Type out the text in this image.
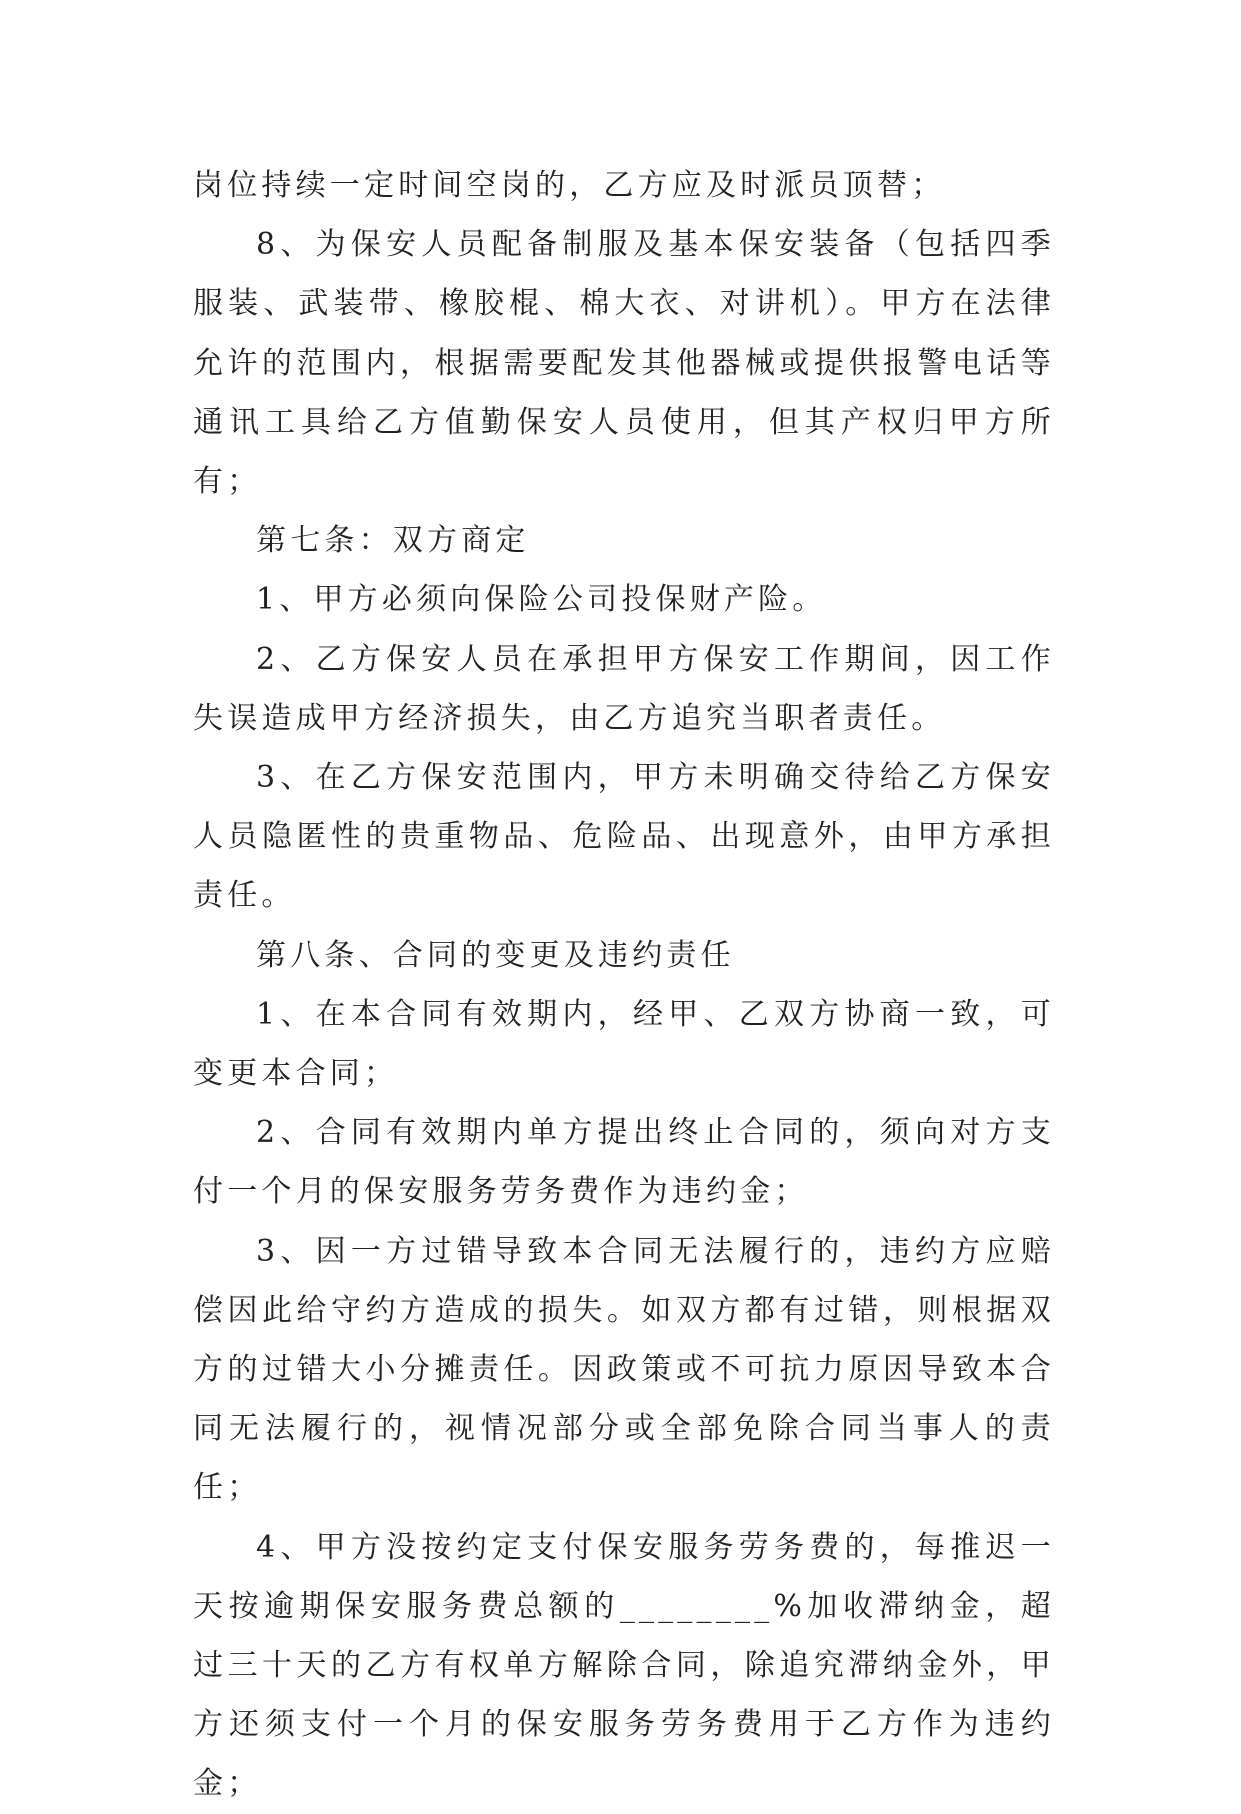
岗位持续一定时间空岗的，乙方应及时派员顶替；

8、为保安人员配备制服及基本保安装备（包括四季服装、武装带、橡胶棍、棉大衣、对讲机）。甲方在法律允许的范围内，根据需要配发其他器械或提供报警电话等通讯工具给乙方值勤保安人员使用，但其产权归甲方所有；

第七条：双方商定

1、甲方必须向保险公司投保财产险。

2、乙方保安人员在承担甲方保安工作期间，因工作失误造成甲方经济损失，由乙方追究当职者责任。

3、在乙方保安范围内，甲方未明确交待给乙方保安人员隐匿性的贵重物品、危险品、出现意外，由甲方承担责任。

第八条、合同的变更及违约责任

1、在本合同有效期内，经甲、乙双方协商一致，可变更本合同；

2、合同有效期内单方提出终止合同的，须向对方支付一个月的保安服务劳务费作为违约金；

3、因一方过错导致本合同无法履行的，违约方应赔偿因此给守约方造成的损失。如双方都有过错，则根据双方的过错大小分摊责任。因政策或不可抗力原因导致本合同无法履行的，视情况部分或全部免除合同当事人的责任；

4、甲方没按约定支付保安服务劳务费的，每推迟一天按逾期保安服务费总额的________%加收滞纳金，超过三十天的乙方有权单方解除合同，除追究滞纳金外，甲方还须支付一个月的保安服务劳务费用于乙方作为违约金；
